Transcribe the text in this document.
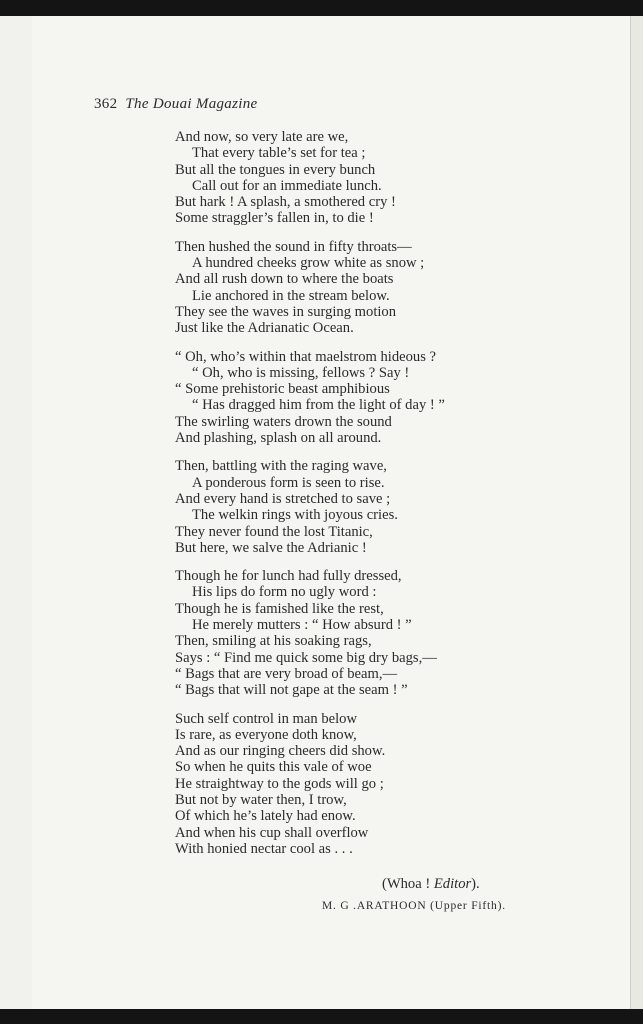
362 The Douai Magazine
And now, so very late are we,
That every table’s set for tea ;
But all the tongues in every bunch
Call out for an immediate lunch.
But hark ! A splash, a smothered cry !
Some straggler’s fallen in, to die !
Then hushed the sound in fifty throats—
A hundred cheeks grow white as snow ;
And all rush down to where the boats
Lie anchored in the stream below.
They see the waves in surging motion
Just like the Adrianatic Ocean.
“ Oh, who’s within that maelstrom hideous ?
“ Oh, who is missing, fellows ? Say !
“ Some prehistoric beast amphibious
“ Has dragged him from the light of day ! ”
The swirling waters drown the sound
And plashing, splash on all around.
Then, battling with the raging wave,
A ponderous form is seen to rise.
And every hand is stretched to save ;
The welkin rings with joyous cries.
They never found the lost Titanic,
But here, we salve the Adrianic !
Though he for lunch had fully dressed,
His lips do form no ugly word :
Though he is famished like the rest,
He merely mutters : “ How absurd ! ”
Then, smiling at his soaking rags,
Says : “ Find me quick some big dry bags,—
“ Bags that are very broad of beam,—
“ Bags that will not gape at the seam ! ”
Such self control in man below
Is rare, as everyone doth know,
And as our ringing cheers did show.
So when he quits this vale of woe
He straightway to the gods will go ;
But not by water then, I trow,
Of which he’s lately had enow.
And when his cup shall overflow
With honied nectar cool as . . .
(Whoa ! Editor).
M. G .ARATHOON (Upper Fifth).
